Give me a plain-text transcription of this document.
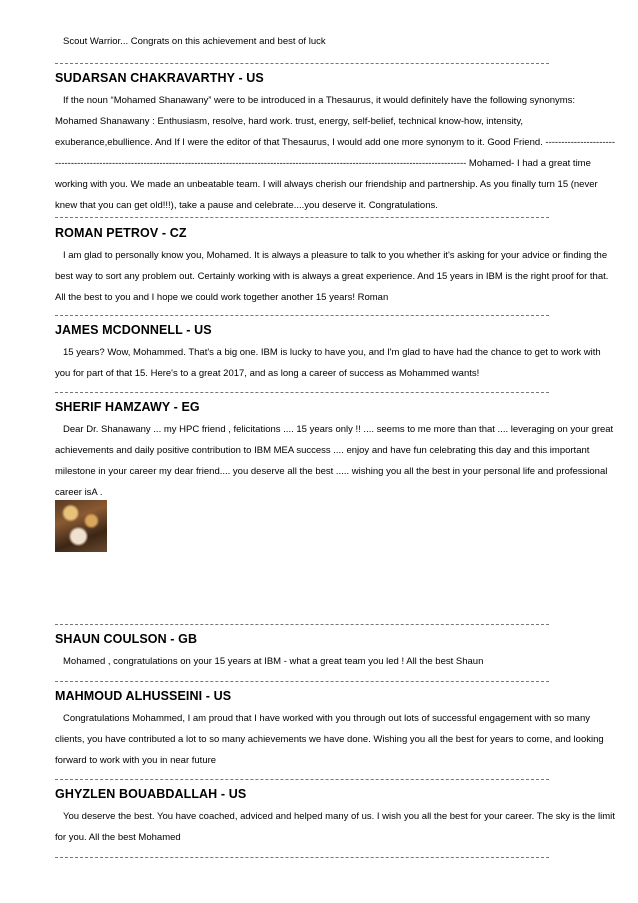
Scout Warrior... Congrats on this achievement and best of luck
SUDARSAN CHAKRAVARTHY - US

If the noun “Mohamed Shanawany” were to be introduced in a Thesaurus, it would definitely have the following synonyms: Mohamed Shanawany : Enthusiasm, resolve, hard work. trust, energy, self-belief, technical know-how, intensity, exuberance,ebullience. And If I were the editor of that Thesaurus, I would add one more synonym to it. Good Friend. -------------------------------------------------------------------------------------------------------------------------------------------------------- Mohamed- I had a great time working with you. We made an unbeatable team. I will always cherish our friendship and partnership. As you finally turn 15 (never knew that you can get old!!!), take a pause and celebrate....you deserve it. Congratulations.

ROMAN PETROV - CZ

I am glad to personally know you, Mohamed. It is always a pleasure to talk to you whether it's asking for your advice or finding the best way to sort any problem out. Certainly working with is always a great experience. And 15 years in IBM is the right proof for that. All the best to you and I hope we could work together another 15 years! Roman

JAMES MCDONNELL - US

15 years? Wow, Mohammed. That's a big one. IBM is lucky to have you, and I'm glad to have had the chance to get to work with you for part of that 15. Here's to a great 2017, and as long a career of success as Mohammed wants!

SHERIF HAMZAWY - EG

Dear Dr. Shanawany ... my HPC friend , felicitations .... 15 years only !! .... seems to me more than that .... leveraging on your great achievements and daily positive contribution to IBM MEA success .... enjoy and have fun celebrating this day and this important milestone in your career my dear friend.... you deserve all the best ..... wishing you all the best in your personal life and professional career isA .

SHAUN COULSON - GB

Mohamed , congratulations on your 15 years at IBM - what a great team you led ! All the best Shaun

MAHMOUD ALHUSSEINI - US

Congratulations Mohammed, I am proud that I have worked with you through out lots of successful engagement with so many clients, you have contributed a lot to so many achievements we have done. Wishing you all the best for years to come, and looking forward to work with you in near future

GHYZLEN BOUABDALLAH - US

You deserve the best. You have coached, adviced and helped many of us. I wish you all the best for your career. The sky is the limit for you. All the best Mohamed
